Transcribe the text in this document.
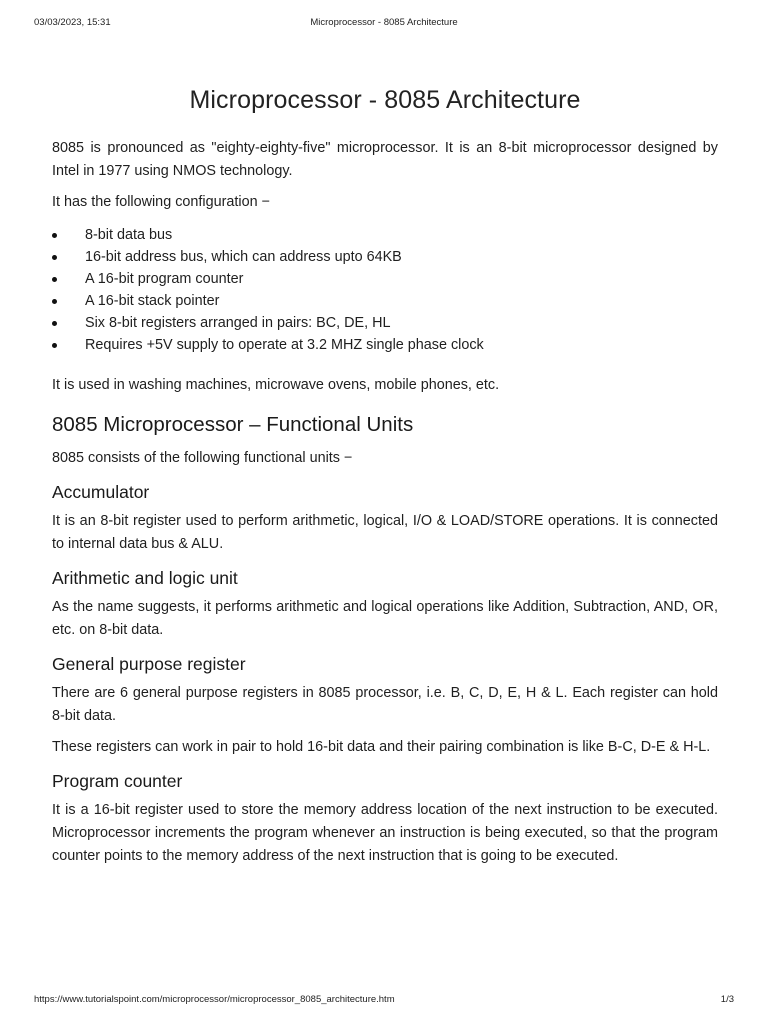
03/03/2023, 15:31	Microprocessor - 8085 Architecture
Microprocessor - 8085 Architecture

8085 is pronounced as "eighty-eighty-five" microprocessor. It is an 8-bit microprocessor designed by Intel in 1977 using NMOS technology.

It has the following configuration −

8-bit data bus
16-bit address bus, which can address upto 64KB
A 16-bit program counter
A 16-bit stack pointer
Six 8-bit registers arranged in pairs: BC, DE, HL
Requires +5V supply to operate at 3.2 MHZ single phase clock

It is used in washing machines, microwave ovens, mobile phones, etc.

8085 Microprocessor – Functional Units

8085 consists of the following functional units −

Accumulator

It is an 8-bit register used to perform arithmetic, logical, I/O & LOAD/STORE operations. It is connected to internal data bus & ALU.

Arithmetic and logic unit

As the name suggests, it performs arithmetic and logical operations like Addition, Subtraction, AND, OR, etc. on 8-bit data.

General purpose register

There are 6 general purpose registers in 8085 processor, i.e. B, C, D, E, H & L. Each register can hold 8-bit data.

These registers can work in pair to hold 16-bit data and their pairing combination is like B-C, D-E & H-L.

Program counter

It is a 16-bit register used to store the memory address location of the next instruction to be executed. Microprocessor increments the program whenever an instruction is being executed, so that the program counter points to the memory address of the next instruction that is going to be executed.

https://www.tutorialspoint.com/microprocessor/microprocessor_8085_architecture.htm	1/3
